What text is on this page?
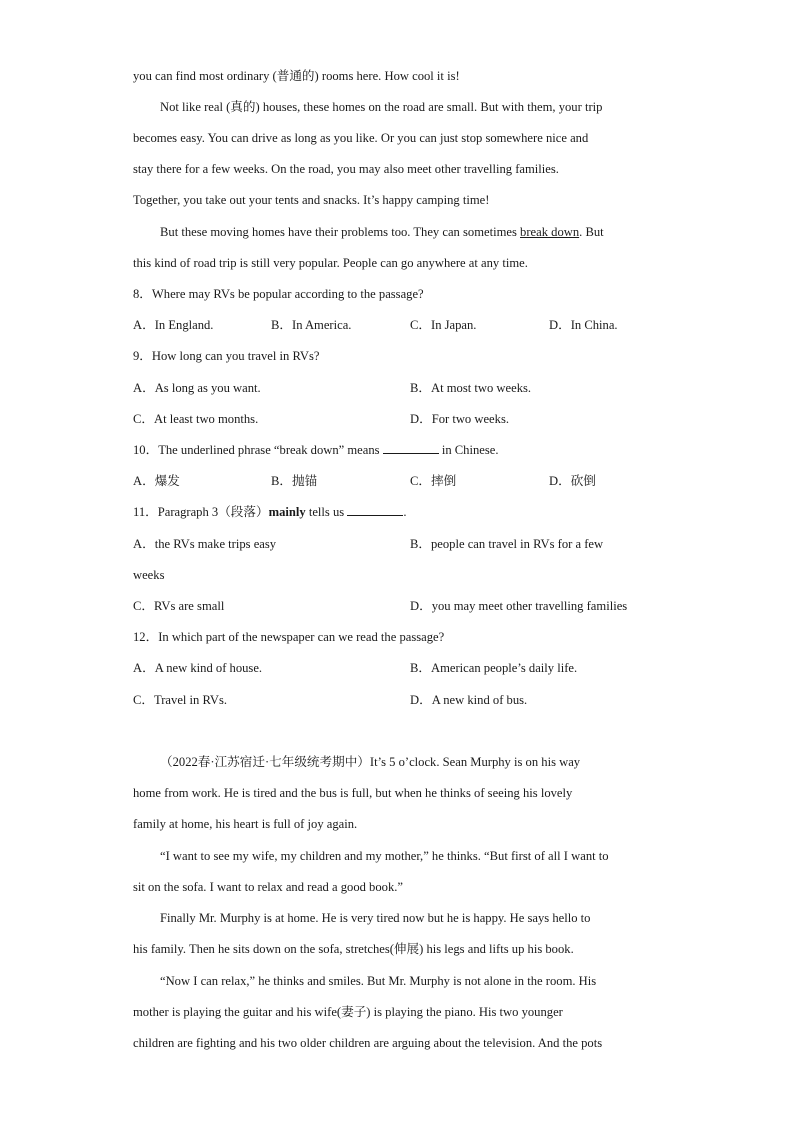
you can find most ordinary (普通的) rooms here. How cool it is!
Not like real (真的) houses, these homes on the road are small. But with them, your trip
becomes easy. You can drive as long as you like. Or you can just stop somewhere nice and
stay there for a few weeks. On the road, you may also meet other travelling families.
Together, you take out your tents and snacks. It’s happy camping time!
But these moving homes have their problems too. They can sometimes break down. But
this kind of road trip is still very popular. People can go anywhere at any time.
8．Where may RVs be popular according to the passage?
A．In England.	B．In America.	C．In Japan.	D．In China.
9．How long can you travel in RVs?
A．As long as you want.	B．At most two weeks.
C．At least two months.	D．For two weeks.
10．The underlined phrase “break down” means	in Chinese.
A．爆发	B．抛锚	C．摔倒	D．砍倒
11．Paragraph 3（段落）mainly tells us	.
A．the RVs make trips easy	B．people can travel in RVs for a few
weeks
C．RVs are small	D．you may meet other travelling families
12．In which part of the newspaper can we read the passage?
A．A new kind of house.	B．American people’s daily life.
C．Travel in RVs.	D．A new kind of bus.
（2022春·江苏宿迁·七年级统考期中）It’s 5 o’clock. Sean Murphy is on his way
home from work. He is tired and the bus is full, but when he thinks of seeing his lovely
family at home, his heart is full of joy again.
“I want to see my wife, my children and my mother,” he thinks. “But first of all I want to
sit on the sofa. I want to relax and read a good book.”
Finally Mr. Murphy is at home. He is very tired now but he is happy. He says hello to
his family. Then he sits down on the sofa, stretches(伸展) his legs and lifts up his book.
“Now I can relax,” he thinks and smiles. But Mr. Murphy is not alone in the room. His
mother is playing the guitar and his wife(妻子) is playing the piano. His two younger
children are fighting and his two older children are arguing about the television. And the pots
